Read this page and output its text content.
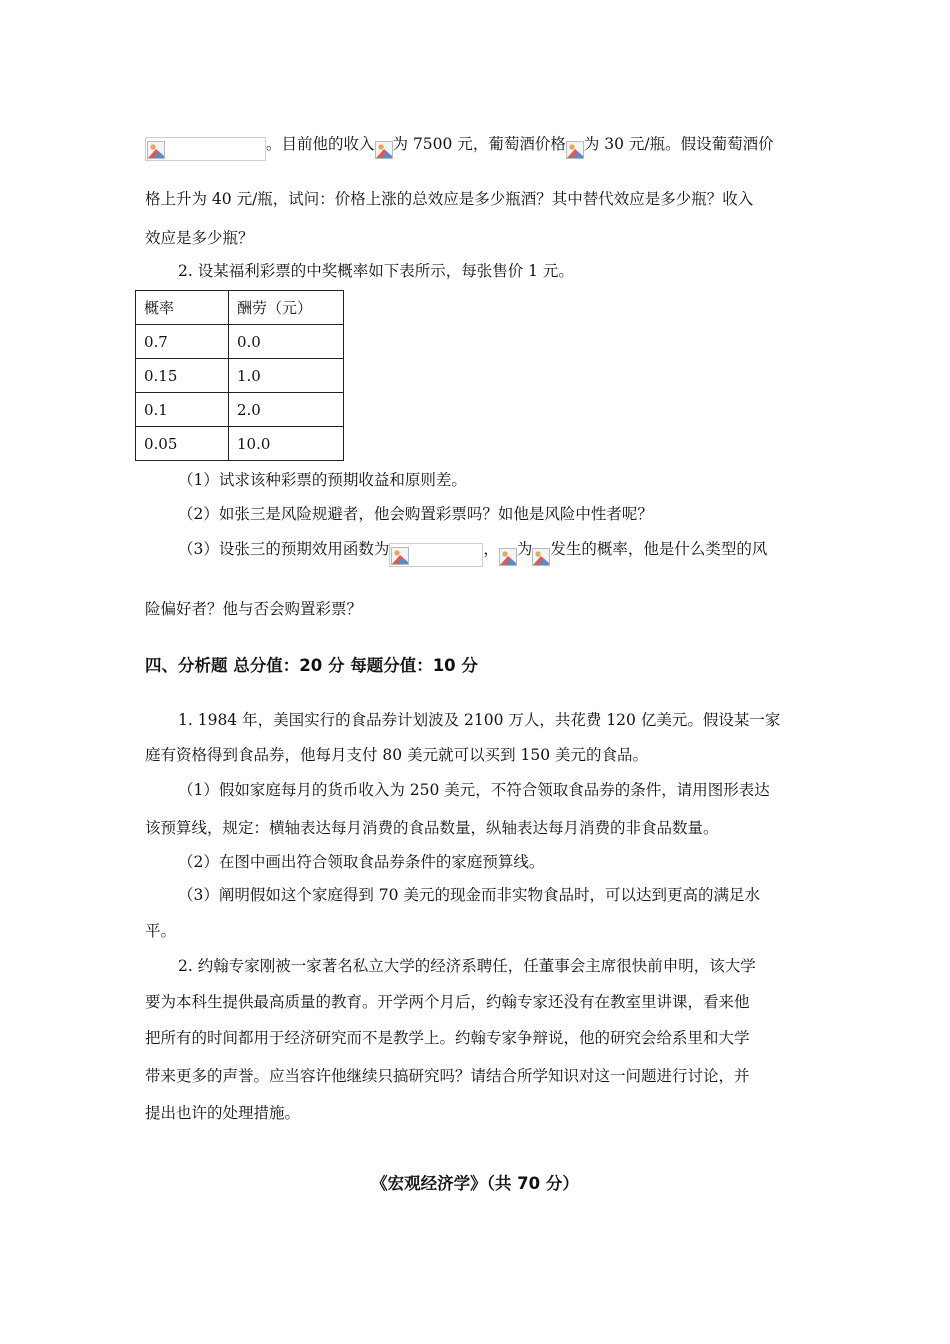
。目前他的收入 为 7500 元，葡萄酒价格 为 30 元/瓶。假设葡萄酒价
格上升为 40 元/瓶，试问：价格上涨的总效应是多少瓶酒？其中替代效应是多少瓶？收入
效应是多少瓶？
2. 设某福利彩票的中奖概率如下表所示，每张售价 1 元。
概率	酬劳（元）
0.7	0.0
0.15	1.0
0.1	2.0
0.05	10.0
（1）试求该种彩票的预期收益和原则差。
（2）如张三是风险规避者，他会购置彩票吗？如他是风险中性者呢？
（3）设张三的预期效用函数为	， 为 发生的概率，他是什么类型的风
险偏好者？他与否会购置彩票？
四、分析题 总分值：20 分 每题分值：10 分
1. 1984 年，美国实行的食品券计划波及 2100 万人，共花费 120 亿美元。假设某一家
庭有资格得到食品券，他每月支付 80 美元就可以买到 150 美元的食品。
（1）假如家庭每月的货币收入为 250 美元，不符合领取食品券的条件，请用图形表达
该预算线，规定：横轴表达每月消费的食品数量，纵轴表达每月消费的非食品数量。
（2）在图中画出符合领取食品券条件的家庭预算线。
（3）阐明假如这个家庭得到 70 美元的现金而非实物食品时，可以达到更高的满足水
平。
2. 约翰专家刚被一家著名私立大学的经济系聘任，任董事会主席很快前申明，该大学
要为本科生提供最高质量的教育。开学两个月后，约翰专家还没有在教室里讲课，看来他
把所有的时间都用于经济研究而不是教学上。约翰专家争辩说，他的研究会给系里和大学
带来更多的声誉。应当容许他继续只搞研究吗？请结合所学知识对这一问题进行讨论，并
提出也许的处理措施。
《宏观经济学》（共 70 分）
